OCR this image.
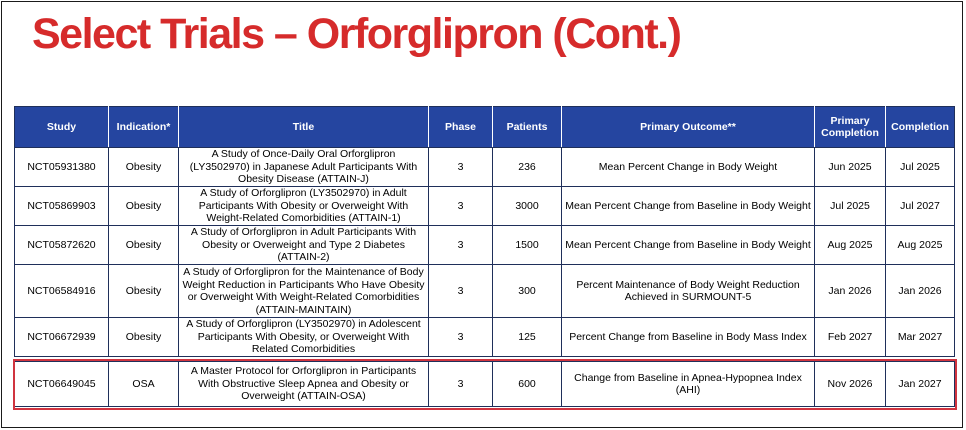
Select Trials – Orforglipron (Cont.)
Study	Indication*	Title	Phase	Patients	Primary Outcome**	Primary Completion	Completion
NCT05931380	Obesity	A Study of Once-Daily Oral Orforglipron (LY3502970) in Japanese Adult Participants With Obesity Disease (ATTAIN-J)	3	236	Mean Percent Change in Body Weight	Jun 2025	Jul 2025
NCT05869903	Obesity	A Study of Orforglipron (LY3502970) in Adult Participants With Obesity or Overweight With Weight-Related Comorbidities (ATTAIN-1)	3	3000	Mean Percent Change from Baseline in Body Weight	Jul 2025	Jul 2027
NCT05872620	Obesity	A Study of Orforglipron in Adult Participants With Obesity or Overweight and Type 2 Diabetes (ATTAIN-2)	3	1500	Mean Percent Change from Baseline in Body Weight	Aug 2025	Aug 2025
NCT06584916	Obesity	A Study of Orforglipron for the Maintenance of Body Weight Reduction in Participants Who Have Obesity or Overweight With Weight-Related Comorbidities (ATTAIN-MAINTAIN)	3	300	Percent Maintenance of Body Weight Reduction Achieved in SURMOUNT-5	Jan 2026	Jan 2026
NCT06672939	Obesity	A Study of Orforglipron (LY3502970) in Adolescent Participants With Obesity, or Overweight With Related Comorbidities	3	125	Percent Change from Baseline in Body Mass Index	Feb 2027	Mar 2027

NCT06649045	OSA	A Master Protocol for Orforglipron in Participants With Obstructive Sleep Apnea and Obesity or Overweight (ATTAIN-OSA)	3	600	Change from Baseline in Apnea-Hypopnea Index (AHI)	Nov 2026	Jan 2027
